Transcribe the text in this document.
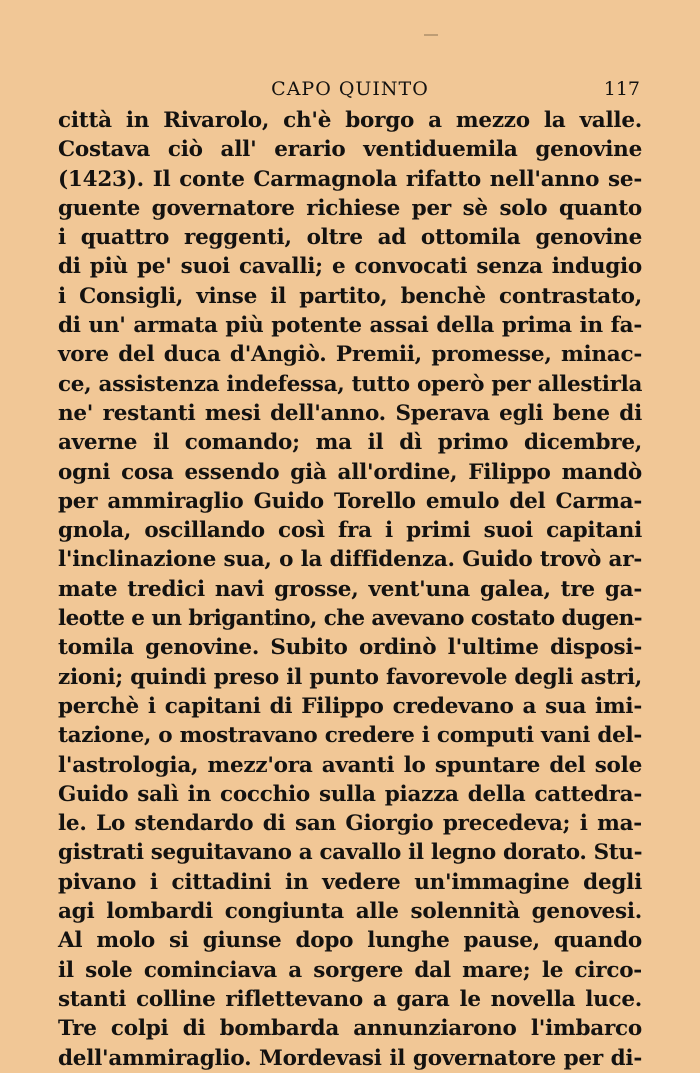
CAPO QUINTO	117
città in Rivarolo, ch'è borgo a mezzo la valle.
Costava ciò all' erario ventiduemila genovine
(1423). Il conte Carmagnola rifatto nell'anno se-
guente governatore richiese per sè solo quanto
i quattro reggenti, oltre ad ottomila genovine
di più pe' suoi cavalli; e convocati senza indugio
i Consigli, vinse il partito, benchè contrastato,
di un' armata più potente assai della prima in fa-
vore del duca d'Angiò. Premii, promesse, minac-
ce, assistenza indefessa, tutto operò per allestirla
ne' restanti mesi dell'anno. Sperava egli bene di
averne il comando; ma il dì primo dicembre,
ogni cosa essendo già all'ordine, Filippo mandò
per ammiraglio Guido Torello emulo del Carma-
gnola, oscillando così fra i primi suoi capitani
l'inclinazione sua, o la diffidenza. Guido trovò ar-
mate tredici navi grosse, vent'una galea, tre ga-
leotte e un brigantino, che avevano costato dugen-
tomila genovine. Subito ordinò l'ultime disposi-
zioni; quindi preso il punto favorevole degli astri,
perchè i capitani di Filippo credevano a sua imi-
tazione, o mostravano credere i computi vani del-
l'astrologia, mezz'ora avanti lo spuntare del sole
Guido salì in cocchio sulla piazza della cattedra-
le. Lo stendardo di san Giorgio precedeva; i ma-
gistrati seguitavano a cavallo il legno dorato. Stu-
pivano i cittadini in vedere un'immagine degli
agi lombardi congiunta alle solennità genovesi.
Al molo si giunse dopo lunghe pause, quando
il sole cominciava a sorgere dal mare; le circo-
stanti colline riflettevano a gara le novella luce.
Tre colpi di bombarda annunziarono l'imbarco
dell'ammiraglio. Mordevasi il governatore per di-
